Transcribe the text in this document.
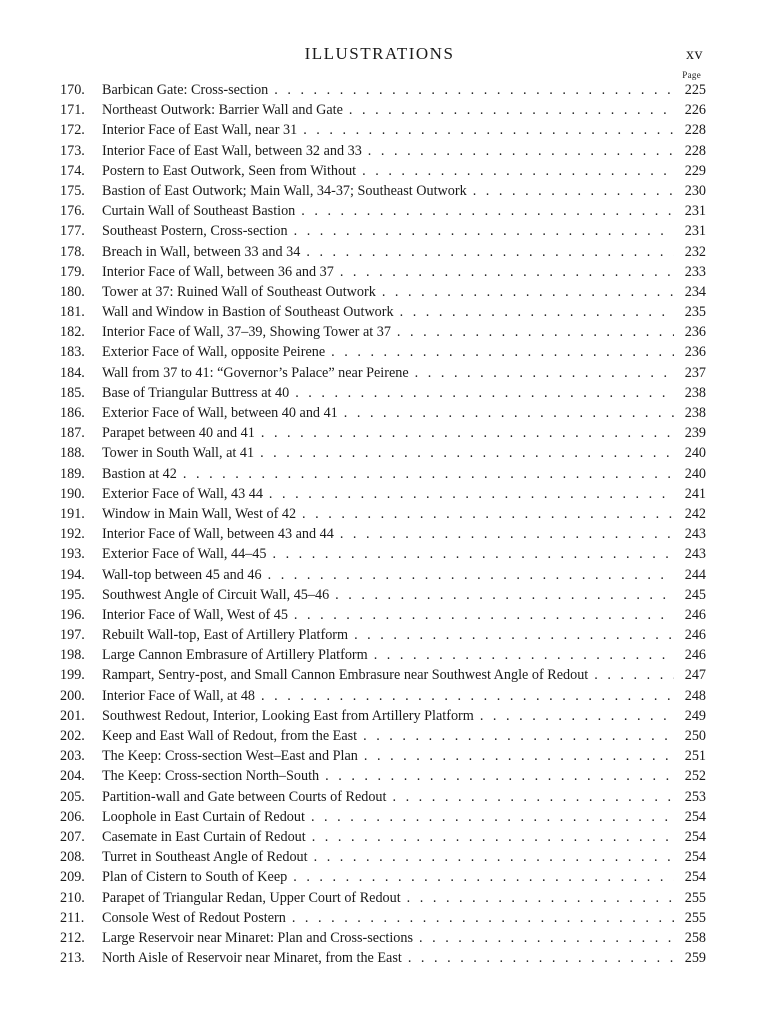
ILLUSTRATIONS	xv
Page
170.	Barbican Gate: Cross-section . . .	225
171.	Northeast Outwork: Barrier Wall and Gate . . .	226
172.	Interior Face of East Wall, near 31 . . .	228
173.	Interior Face of East Wall, between 32 and 33 . . .	228
174.	Postern to East Outwork, Seen from Without . . .	229
175.	Bastion of East Outwork; Main Wall, 34-37; Southeast Outwork . . .	230
176.	Curtain Wall of Southeast Bastion . . .	231
177.	Southeast Postern, Cross-section . . .	231
178.	Breach in Wall, between 33 and 34 . . .	232
179.	Interior Face of Wall, between 36 and 37 . . .	233
180.	Tower at 37: Ruined Wall of Southeast Outwork . . .	234
181.	Wall and Window in Bastion of Southeast Outwork . . .	235
182.	Interior Face of Wall, 37–39, Showing Tower at 37 . . .	236
183.	Exterior Face of Wall, opposite Peirene . . .	236
184.	Wall from 37 to 41: “Governor’s Palace” near Peirene . . .	237
185.	Base of Triangular Buttress at 40 . . .	238
186.	Exterior Face of Wall, between 40 and 41 . . .	238
187.	Parapet between 40 and 41 . . .	239
188.	Tower in South Wall, at 41 . . .	240
189.	Bastion at 42 . . .	240
190.	Exterior Face of Wall, 43 44 . . .	241
191.	Window in Main Wall, West of 42 . . .	242
192.	Interior Face of Wall, between 43 and 44 . . .	243
193.	Exterior Face of Wall, 44–45 . . .	243
194.	Wall-top between 45 and 46 . . .	244
195.	Southwest Angle of Circuit Wall, 45–46 . . .	245
196.	Interior Face of Wall, West of 45 . . .	246
197.	Rebuilt Wall-top, East of Artillery Platform . . .	246
198.	Large Cannon Embrasure of Artillery Platform . . .	246
199.	Rampart, Sentry-post, and Small Cannon Embrasure near Southwest Angle of Redout . . .	247
200.	Interior Face of Wall, at 48 . . .	248
201.	Southwest Redout, Interior, Looking East from Artillery Platform . . .	249
202.	Keep and East Wall of Redout, from the East . . .	250
203.	The Keep: Cross-section West–East and Plan . . .	251
204.	The Keep: Cross-section North–South . . .	252
205.	Partition-wall and Gate between Courts of Redout . . .	253
206.	Loophole in East Curtain of Redout . . .	254
207.	Casemate in East Curtain of Redout . . .	254
208.	Turret in Southeast Angle of Redout . . .	254
209.	Plan of Cistern to South of Keep . . .	254
210.	Parapet of Triangular Redan, Upper Court of Redout . . .	255
211.	Console West of Redout Postern . . .	255
212.	Large Reservoir near Minaret: Plan and Cross-sections . . .	258
213.	North Aisle of Reservoir near Minaret, from the East . . .	259
